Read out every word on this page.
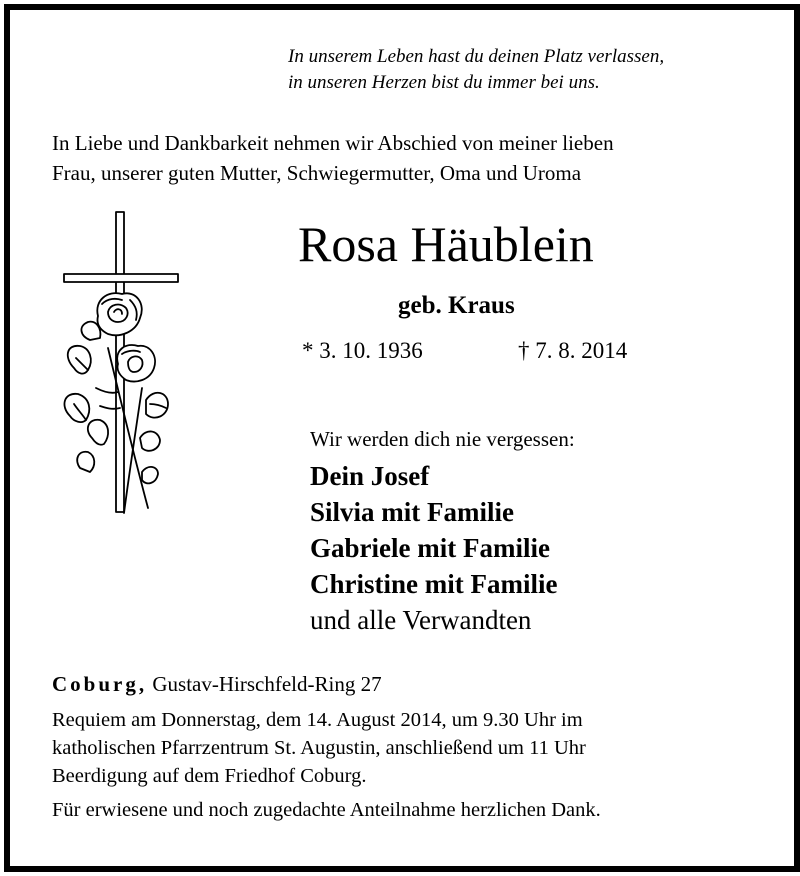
In unserem Leben hast du deinen Platz verlassen,
in unseren Herzen bist du immer bei uns.
In Liebe und Dankbarkeit nehmen wir Abschied von meiner lieben
Frau, unserer guten Mutter, Schwiegermutter, Oma und Uroma
Rosa Häublein
geb. Kraus
* 3. 10. 1936	† 7. 8. 2014
Wir werden dich nie vergessen:
Dein Josef
Silvia mit Familie
Gabriele mit Familie
Christine mit Familie
und alle Verwandten
Coburg, Gustav-Hirschfeld-Ring 27
Requiem am Donnerstag, dem 14. August 2014, um 9.30 Uhr im
katholischen Pfarrzentrum St. Augustin, anschließend um 11 Uhr
Beerdigung auf dem Friedhof Coburg.
Für erwiesene und noch zugedachte Anteilnahme herzlichen Dank.
